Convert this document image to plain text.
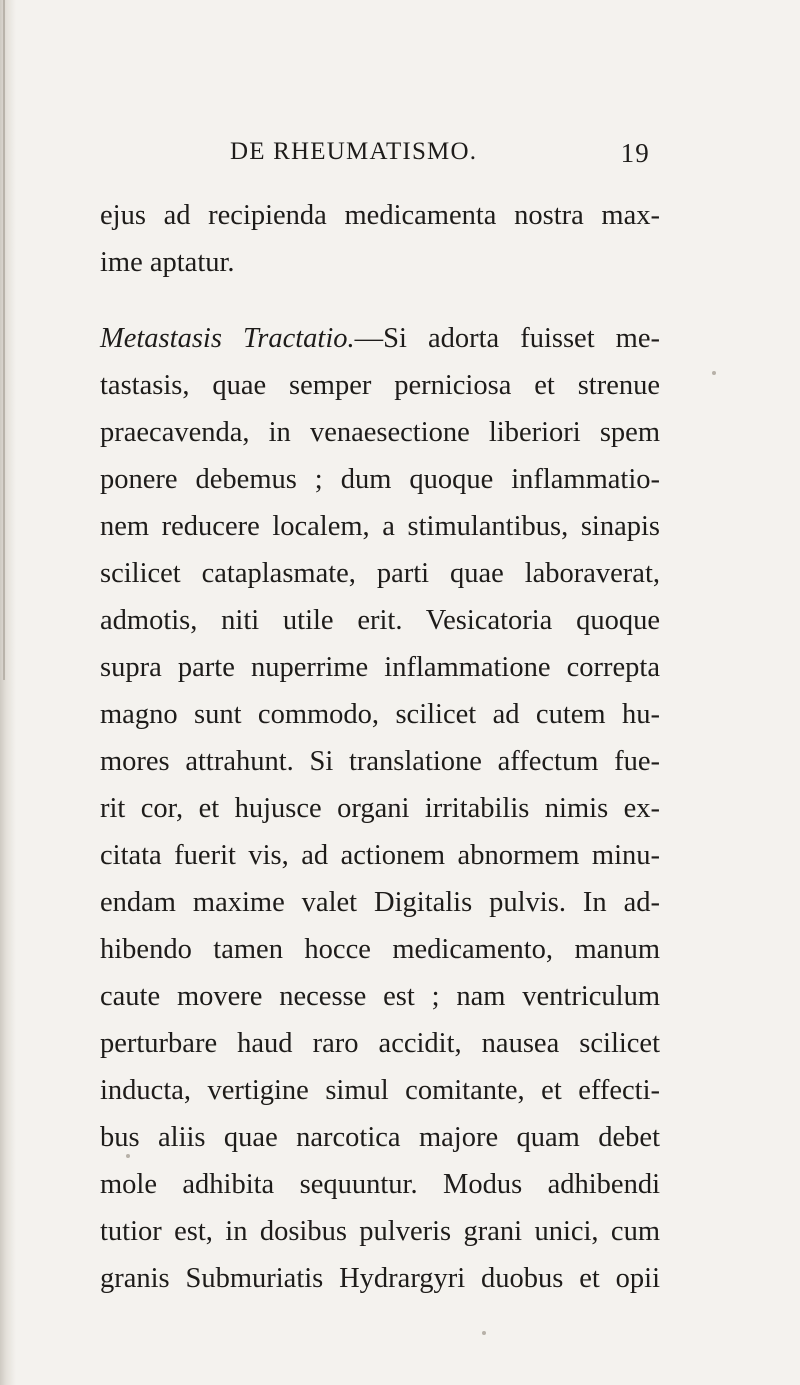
DE RHEUMATISMO.	19
ejus ad recipienda medicamenta nostra max-
ime aptatur.
Metastasis Tractatio.—Si adorta fuisset me-
tastasis, quae semper perniciosa et strenue
praecavenda, in venaesectione liberiori spem
ponere debemus ; dum quoque inflammatio-
nem reducere localem, a stimulantibus, sinapis
scilicet cataplasmate, parti quae laboraverat,
admotis, niti utile erit. Vesicatoria quoque
supra parte nuperrime inflammatione correpta
magno sunt commodo, scilicet ad cutem hu-
mores attrahunt. Si translatione affectum fue-
rit cor, et hujusce organi irritabilis nimis ex-
citata fuerit vis, ad actionem abnormem minu-
endam maxime valet Digitalis pulvis. In ad-
hibendo tamen hocce medicamento, manum
caute movere necesse est ; nam ventriculum
perturbare haud raro accidit, nausea scilicet
inducta, vertigine simul comitante, et effecti-
bus aliis quae narcotica majore quam debet
mole adhibita sequuntur. Modus adhibendi
tutior est, in dosibus pulveris grani unici, cum
granis Submuriatis Hydrargyri duobus et opii
